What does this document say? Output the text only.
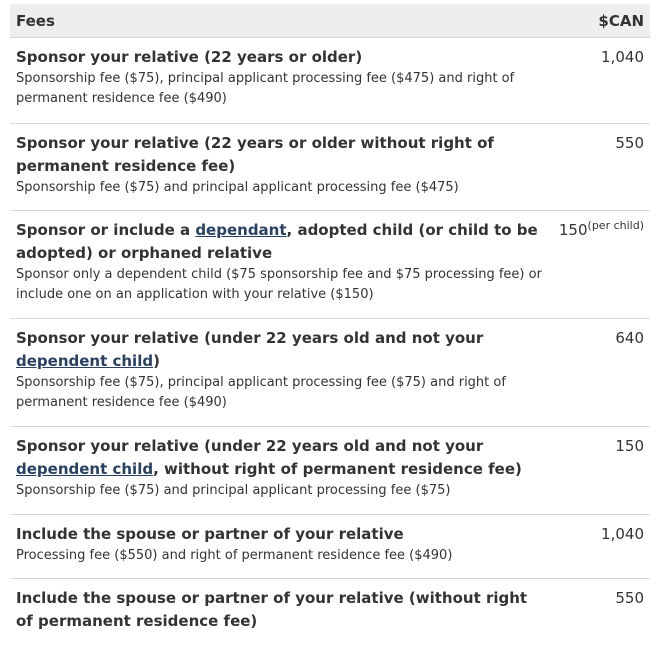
Fees	$CAN
Sponsor your relative (22 years or older)
Sponsorship fee ($75), principal applicant processing fee ($475) and right of permanent residence fee ($490)
1,040
Sponsor your relative (22 years or older without right of permanent residence fee)
Sponsorship fee ($75) and principal applicant processing fee ($475)
550
Sponsor or include a dependant, adopted child (or child to be adopted) or orphaned relative
Sponsor only a dependent child ($75 sponsorship fee and $75 processing fee) or include one on an application with your relative ($150)
$150^{(per child)}$
Sponsor your relative (under 22 years old and not your dependent child)
Sponsorship fee ($75), principal applicant processing fee ($75) and right of permanent residence fee ($490)
640
Sponsor your relative (under 22 years old and not your dependent child, without right of permanent residence fee)
Sponsorship fee ($75) and principal applicant processing fee ($75)
150
Include the spouse or partner of your relative
Processing fee ($550) and right of permanent residence fee ($490)
1,040
Include the spouse or partner of your relative (without right of permanent residence fee)
550
